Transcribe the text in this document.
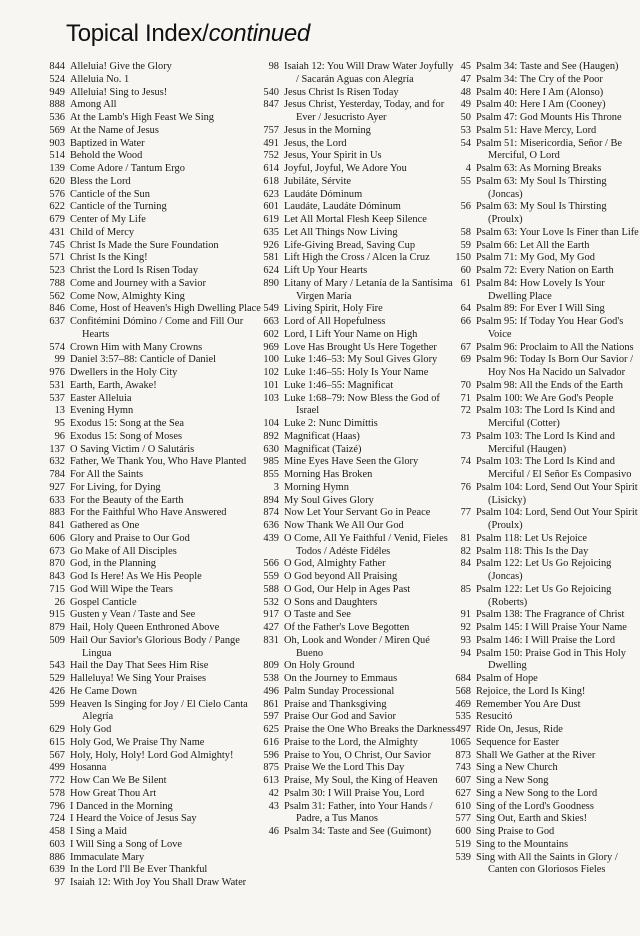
Topical Index/continued
844 Alleluia! Give the Glory
524 Alleluia No. 1
949 Alleluia! Sing to Jesus!
888 Among All
536 At the Lamb's High Feast We Sing
569 At the Name of Jesus
903 Baptized in Water
514 Behold the Wood
139 Come Adore / Tantum Ergo
620 Bless the Lord
576 Canticle of the Sun
622 Canticle of the Turning
679 Center of My Life
431 Child of Mercy
745 Christ Is Made the Sure Foundation
571 Christ Is the King!
523 Christ the Lord Is Risen Today
788 Come and Journey with a Savior
562 Come Now, Almighty King
846 Come, Host of Heaven's High Dwelling Place
637 Confitémini Dómino / Come and Fill Our Hearts
574 Crown Him with Many Crowns
99 Daniel 3:57–88: Canticle of Daniel
976 Dwellers in the Holy City
531 Earth, Earth, Awake!
537 Easter Alleluia
13 Evening Hymn
95 Exodus 15: Song at the Sea
96 Exodus 15: Song of Moses
137 O Saving Victim / O Salutáris
632 Father, We Thank You, Who Have Planted
784 For All the Saints
927 For Living, for Dying
633 For the Beauty of the Earth
883 For the Faithful Who Have Answered
841 Gathered as One
606 Glory and Praise to Our God
673 Go Make of All Disciples
870 God, in the Planning
843 God Is Here! As We His People
715 God Will Wipe the Tears
26 Gospel Canticle
915 Gusten y Vean / Taste and See
879 Hail, Holy Queen Enthroned Above
509 Hail Our Savior's Glorious Body / Pange Lingua
543 Hail the Day That Sees Him Rise
529 Halleluya! We Sing Your Praises
426 He Came Down
599 Heaven Is Singing for Joy / El Cielo Canta Alegría
629 Holy God
615 Holy God, We Praise Thy Name
567 Holy, Holy, Holy! Lord God Almighty!
499 Hosanna
772 How Can We Be Silent
578 How Great Thou Art
796 I Danced in the Morning
724 I Heard the Voice of Jesus Say
458 I Sing a Maid
603 I Will Sing a Song of Love
886 Immaculate Mary
639 In the Lord I'll Be Ever Thankful
97 Isaiah 12: With Joy You Shall Draw Water
98 Isaiah 12: You Will Draw Water Joyfully / Sacarán Aguas con Alegría
540 Jesus Christ Is Risen Today
847 Jesus Christ, Yesterday, Today, and for Ever / Jesucristo Ayer
757 Jesus in the Morning
491 Jesus, the Lord
752 Jesus, Your Spirit in Us
614 Joyful, Joyful, We Adore You
618 Jubiláte, Sérvite
623 Laudáte Dóminum
601 Laudáte, Laudáte Dóminum
619 Let All Mortal Flesh Keep Silence
635 Let All Things Now Living
926 Life-Giving Bread, Saving Cup
581 Lift High the Cross / Alcen la Cruz
624 Lift Up Your Hearts
890 Litany of Mary / Letanía de la Santísima Virgen María
549 Living Spirit, Holy Fire
663 Lord of All Hopefulness
602 Lord, I Lift Your Name on High
969 Love Has Brought Us Here Together
100 Luke 1:46–53: My Soul Gives Glory
102 Luke 1:46–55: Holy Is Your Name
101 Luke 1:46–55: Magnificat
103 Luke 1:68–79: Now Bless the God of Israel
104 Luke 2: Nunc Dimíttis
892 Magnificat (Haas)
630 Magnificat (Taizé)
985 Mine Eyes Have Seen the Glory
855 Morning Has Broken
3 Morning Hymn
894 My Soul Gives Glory
874 Now Let Your Servant Go in Peace
636 Now Thank We All Our God
439 O Come, All Ye Faithful / Venid, Fieles Todos / Adéste Fidéles
566 O God, Almighty Father
559 O God beyond All Praising
588 O God, Our Help in Ages Past
532 O Sons and Daughters
917 O Taste and See
427 Of the Father's Love Begotten
831 Oh, Look and Wonder / Miren Qué Bueno
809 On Holy Ground
538 On the Journey to Emmaus
496 Palm Sunday Processional
861 Praise and Thanksgiving
597 Praise Our God and Savior
625 Praise the One Who Breaks the Darkness
616 Praise to the Lord, the Almighty
596 Praise to You, O Christ, Our Savior
875 Praise We the Lord This Day
613 Praise, My Soul, the King of Heaven
42 Psalm 30: I Will Praise You, Lord
43 Psalm 31: Father, into Your Hands / Padre, a Tus Manos
46 Psalm 34: Taste and See (Guimont)
45 Psalm 34: Taste and See (Haugen)
47 Psalm 34: The Cry of the Poor
48 Psalm 40: Here I Am (Alonso)
49 Psalm 40: Here I Am (Cooney)
50 Psalm 47: God Mounts His Throne
53 Psalm 51: Have Mercy, Lord
54 Psalm 51: Misericordia, Señor / Be Merciful, O Lord
4 Psalm 63: As Morning Breaks
55 Psalm 63: My Soul Is Thirsting (Joncas)
56 Psalm 63: My Soul Is Thirsting (Proulx)
58 Psalm 63: Your Love Is Finer than Life
59 Psalm 66: Let All the Earth
150 Psalm 71: My God, My God
60 Psalm 72: Every Nation on Earth
61 Psalm 84: How Lovely Is Your Dwelling Place
64 Psalm 89: For Ever I Will Sing
66 Psalm 95: If Today You Hear God's Voice
67 Psalm 96: Proclaim to All the Nations
69 Psalm 96: Today Is Born Our Savior / Hoy Nos Ha Nacido un Salvador
70 Psalm 98: All the Ends of the Earth
71 Psalm 100: We Are God's People
72 Psalm 103: The Lord Is Kind and Merciful (Cotter)
73 Psalm 103: The Lord Is Kind and Merciful (Haugen)
74 Psalm 103: The Lord Is Kind and Merciful / El Señor Es Compasivo
76 Psalm 104: Lord, Send Out Your Spirit (Lisicky)
77 Psalm 104: Lord, Send Out Your Spirit (Proulx)
81 Psalm 118: Let Us Rejoice
82 Psalm 118: This Is the Day
84 Psalm 122: Let Us Go Rejoicing (Joncas)
85 Psalm 122: Let Us Go Rejoicing (Roberts)
91 Psalm 138: The Fragrance of Christ
92 Psalm 145: I Will Praise Your Name
93 Psalm 146: I Will Praise the Lord
94 Psalm 150: Praise God in This Holy Dwelling
684 Psalm of Hope
568 Rejoice, the Lord Is King!
469 Remember You Are Dust
535 Resucitó
497 Ride On, Jesus, Ride
1065 Sequence for Easter
873 Shall We Gather at the River
743 Sing a New Church
607 Sing a New Song
627 Sing a New Song to the Lord
610 Sing of the Lord's Goodness
577 Sing Out, Earth and Skies!
600 Sing Praise to God
519 Sing to the Mountains
539 Sing with All the Saints in Glory / Canten con Gloriosos Fieles
